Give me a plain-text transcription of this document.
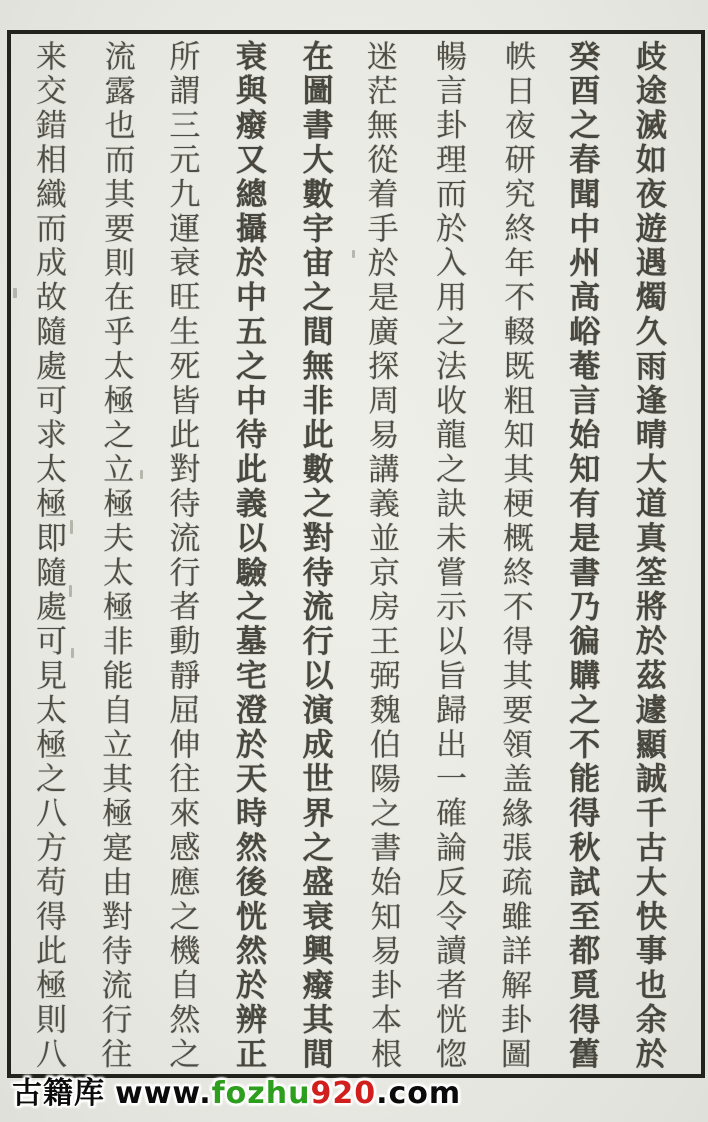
歧途滅如夜遊遇燭久雨逢晴大道真筌將於茲遽顯誠千古大快事也余於
癸酉之春聞中州高峪菴言始知有是書乃徧購之不能得秋試至都覓得舊
帙日夜研究終年不輟既粗知其梗概終不得其要領盖緣張疏雖詳解卦圖
暢言卦理而於入用之法收龍之訣未嘗示以旨歸出一確論反令讀者恍惚
迷茫無從着手於是廣探周易講義並京房王弼魏伯陽之書始知易卦本根
在圖書大數宇宙之間無非此數之對待流行以演成世界之盛衰興癈其間
衰與癈又總攝於中五之中待此義以驗之墓宅澄於天時然後恍然於辨正
所謂三元九運衰旺生死皆此對待流行者動靜屈伸往來感應之機自然之
流露也而其要則在乎太極之立極夫太極非能自立其極寔由對待流行往
来交錯相織而成故隨處可求太極即隨處可見太極之八方苟得此極則八
古籍库 www.fozhu920.com
